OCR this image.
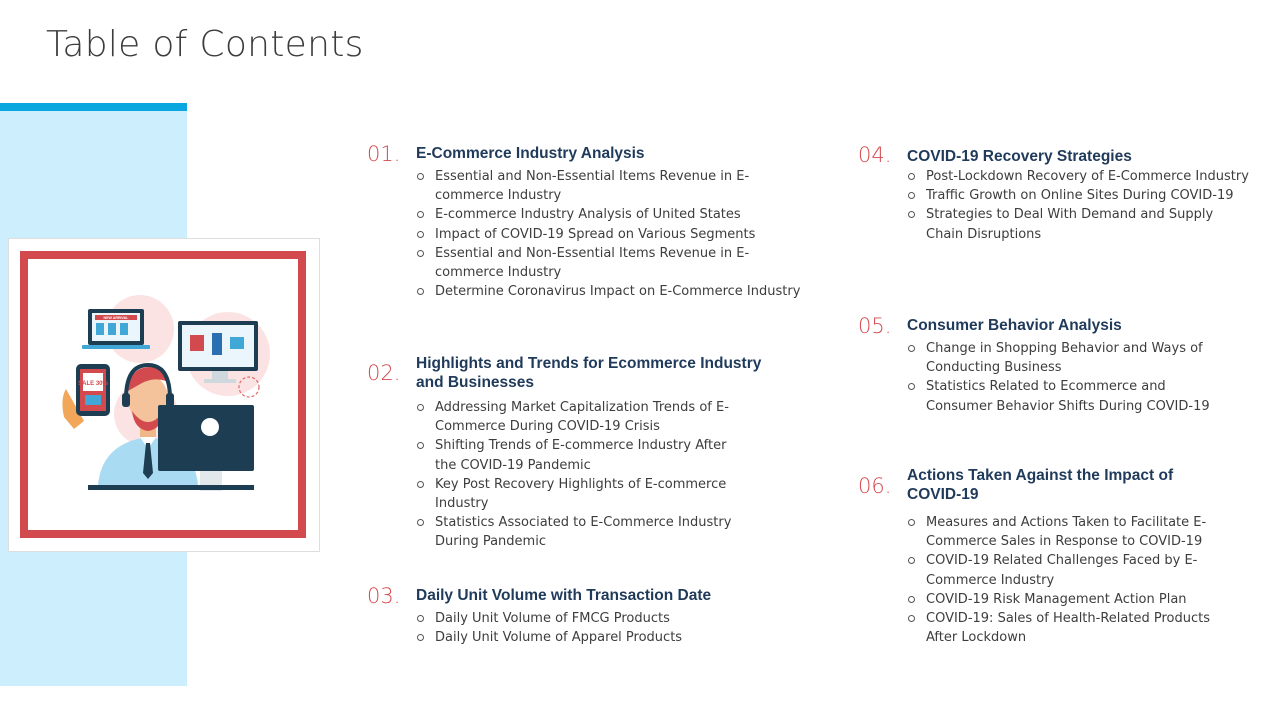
Table of Contents
NEW ARRIVAL
SALE 30%
01. E-Commerce Industry Analysis
Essential and Non-Essential Items Revenue in E-commerce Industry
E-commerce Industry Analysis of United States
Impact of COVID-19 Spread on Various Segments
Essential and Non-Essential Items Revenue in E-commerce Industry
Determine Coronavirus Impact on E-Commerce Industry
02. Highlights and Trends for Ecommerce Industry and Businesses
Addressing Market Capitalization Trends of E-Commerce During COVID-19 Crisis
Shifting Trends of E-commerce Industry After the COVID-19 Pandemic
Key Post Recovery Highlights of E-commerce Industry
Statistics Associated to E-Commerce Industry During Pandemic
03. Daily Unit Volume with Transaction Date
Daily Unit Volume of FMCG Products
Daily Unit Volume of Apparel Products
04. COVID-19 Recovery Strategies
Post-Lockdown Recovery of E-Commerce Industry
Traffic Growth on Online Sites During COVID-19
Strategies to Deal With Demand and Supply Chain Disruptions
05. Consumer Behavior Analysis
Change in Shopping Behavior and Ways of Conducting Business
Statistics Related to Ecommerce and Consumer Behavior Shifts During COVID-19
06. Actions Taken Against the Impact of COVID-19
Measures and Actions Taken to Facilitate E-Commerce Sales in Response to COVID-19
COVID-19 Related Challenges Faced by E-Commerce Industry
COVID-19 Risk Management Action Plan
COVID-19: Sales of Health-Related Products After Lockdown
